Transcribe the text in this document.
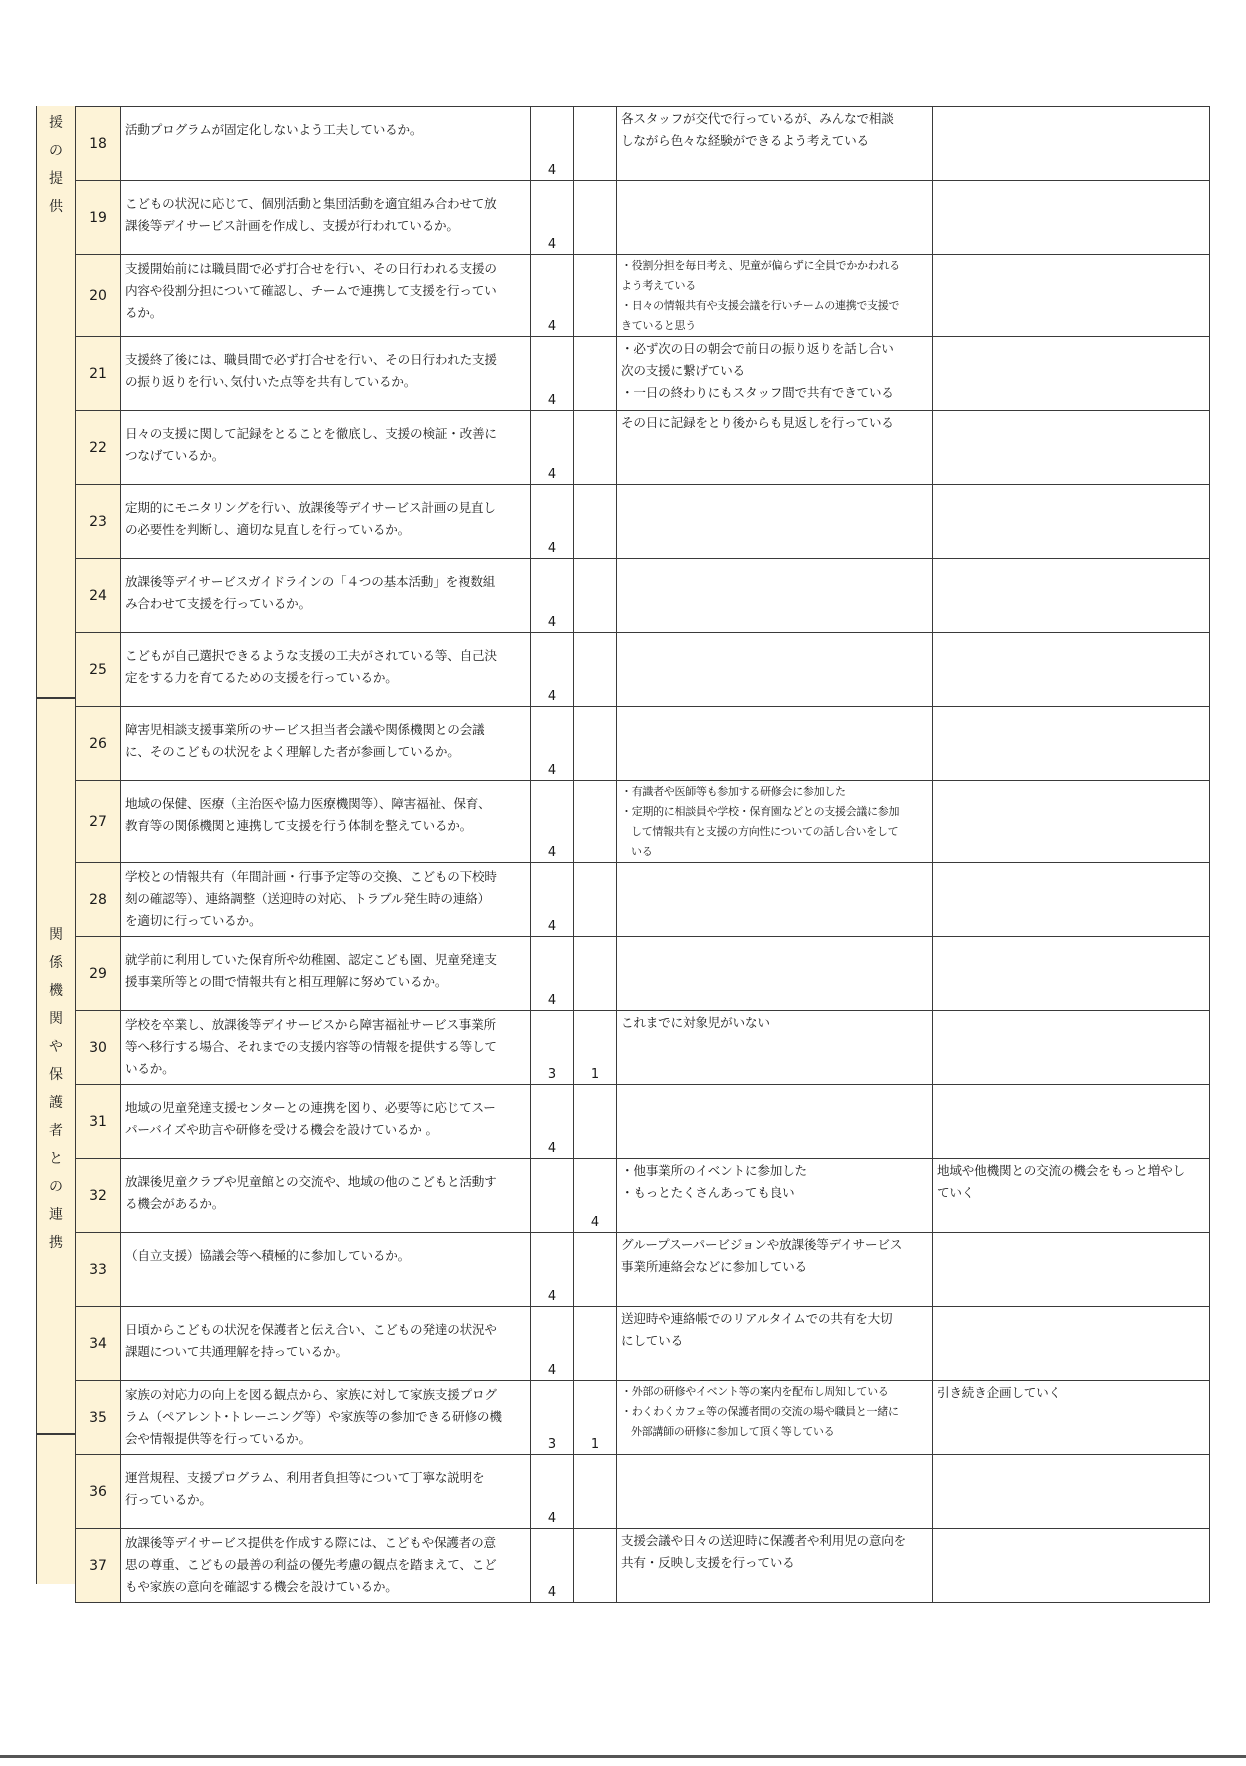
援の提供
関係機関や保護者との連携
18	活動プログラムが固定化しないよう工夫しているか。	4		各スタッフが交代で行っているが、みんなで相談
しながら色々な経験ができるよう考えている	

19	こどもの状況に応じて、個別活動と集団活動を適宜組み合わせて放
課後等デイサービス計画を作成し、支援が行われているか。	4			
20	支援開始前には職員間で必ず打合せを行い、その日行われる支援の
内容や役割分担について確認し、チームで連携して支援を行ってい
るか。	4		・役割分担を毎日考え、児童が偏らずに全員でかかわれる
よう考えている
・日々の情報共有や支援会議を行いチームの連携で支援で
きていると思う	

21	支援終了後には、職員間で必ず打合せを行い、その日行われた支援
の振り返りを行い､気付いた点等を共有しているか。	4		・必ず次の日の朝会で前日の振り返りを話し合い
次の支援に繋げている
・一日の終わりにもスタッフ間で共有できている	

22	日々の支援に関して記録をとることを徹底し、支援の検証・改善に
つなげているか。	4		その日に記録をとり後からも見返しを行っている	

23	定期的にモニタリングを行い、放課後等デイサービス計画の見直し
の必要性を判断し、適切な見直しを行っているか。	4			
24	放課後等デイサービスガイドラインの「４つの基本活動」を複数組
み合わせて支援を行っているか。	4			
25	こどもが自己選択できるような支援の工夫がされている等、自己決
定をする力を育てるための支援を行っているか。	4			
26	障害児相談支援事業所のサービス担当者会議や関係機関との会議
に、そのこどもの状況をよく理解した者が参画しているか。	4			
27	地域の保健、医療（主治医や協力医療機関等）、障害福祉、保育、
教育等の関係機関と連携して支援を行う体制を整えているか。	4		・有識者や医師等も参加する研修会に参加した
・定期的に相談員や学校・保育園などとの支援会議に参加
して情報共有と支援の方向性についての話し合いをして
いる	

28	学校との情報共有（年間計画・行事予定等の交換、こどもの下校時
刻の確認等）、連絡調整（送迎時の対応、トラブル発生時の連絡）
を適切に行っているか。	4			
29	就学前に利用していた保育所や幼稚園、認定こども園、児童発達支
援事業所等との間で情報共有と相互理解に努めているか。	4			
30	学校を卒業し、放課後等デイサービスから障害福祉サービス事業所
等へ移行する場合、それまでの支援内容等の情報を提供する等して
いるか。	3	1	これまでに対象児がいない	

31	地域の児童発達支援センターとの連携を図り、必要等に応じてスー
パーバイズや助言や研修を受ける機会を設けているか 。	4			
32	放課後児童クラブや児童館との交流や、地域の他のこどもと活動す
る機会があるか。		4	・他事業所のイベントに参加した
・もっとたくさんあっても良い	地域や他機関との交流の機会をもっと増やし
ていく

33	（自立支援）協議会等へ積極的に参加しているか。	4		グループスーパービジョンや放課後等デイサービス
事業所連絡会などに参加している	

34	日頃からこどもの状況を保護者と伝え合い、こどもの発達の状況や
課題について共通理解を持っているか。	4		送迎時や連絡帳でのリアルタイムでの共有を大切
にしている	

35	家族の対応力の向上を図る観点から、家族に対して家族支援プログ
ラム（ペアレント･トレーニング等）や家族等の参加できる研修の機
会や情報提供等を行っているか。	3	1	・外部の研修やイベント等の案内を配布し周知している
・わくわくカフェ等の保護者間の交流の場や職員と一緒に
外部講師の研修に参加して頂く等している	引き続き企画していく

36	運営規程、支援プログラム、利用者負担等について丁寧な説明を
行っているか。	4			
37	放課後等デイサービス提供を作成する際には、こどもや保護者の意
思の尊重、こどもの最善の利益の優先考慮の観点を踏まえて、こど
もや家族の意向を確認する機会を設けているか。	4		支援会議や日々の送迎時に保護者や利用児の意向を
共有・反映し支援を行っている	
